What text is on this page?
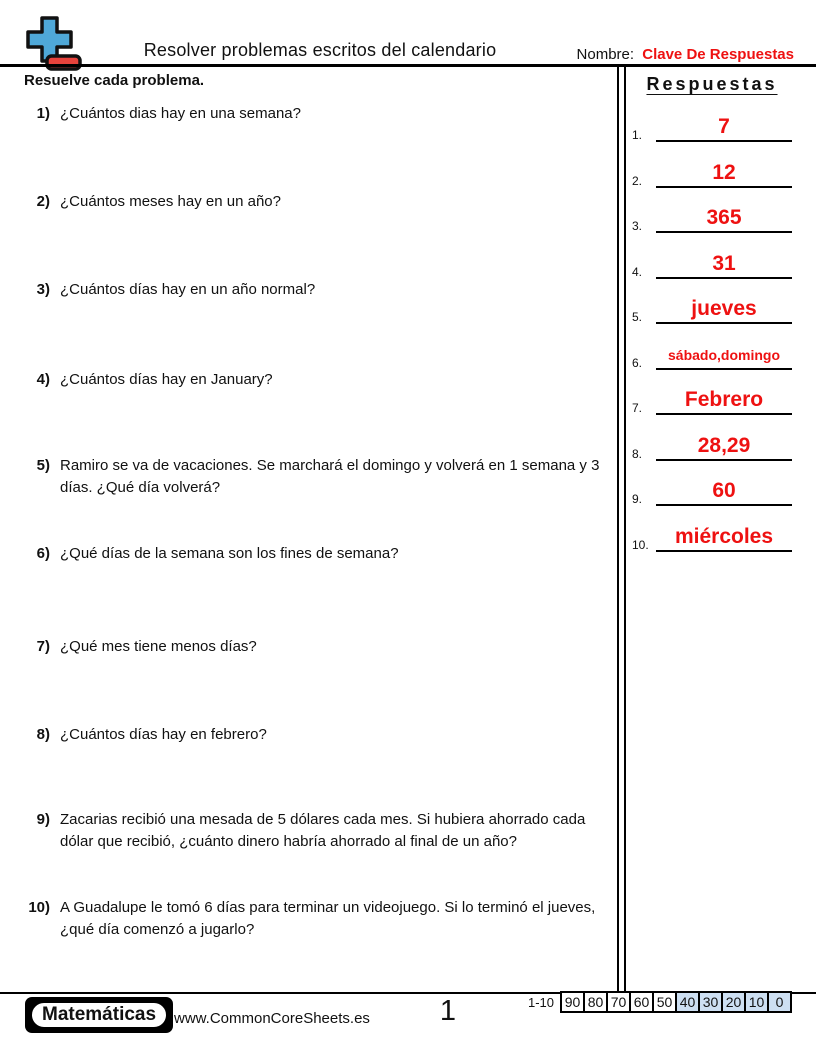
Resolver problemas escritos del calendario	Nombre: Clave De Respuestas
Resuelve cada problema.
1) ¿Cuántos dias hay en una semana?
2) ¿Cuántos meses hay en un año?
3) ¿Cuántos días hay en un año normal?
4) ¿Cuántos días hay en January?
5) Ramiro se va de vacaciones. Se marchará el domingo y volverá en 1 semana y 3 días. ¿Qué día volverá?
6) ¿Qué días de la semana son los fines de semana?
7) ¿Qué mes tiene menos días?
8) ¿Cuántos días hay en febrero?
9) Zacarias recibió una mesada de 5 dólares cada mes. Si hubiera ahorrado cada dólar que recibió, ¿cuánto dinero habría ahorrado al final de un año?
10) A Guadalupe le tomó 6 días para terminar un videojuego. Si lo terminó el jueves, ¿qué día comenzó a jugarlo?
Respuestas
1.	7
2.	12
3.	365
4.	31
5. jueves
6. sábado,domingo
7. Febrero
8.	28,29
9.	60
10. miércoles
Matemáticas	www.CommonCoreSheets.es	1	1-10 90 80 70 60 50 40 30 20 10 0
